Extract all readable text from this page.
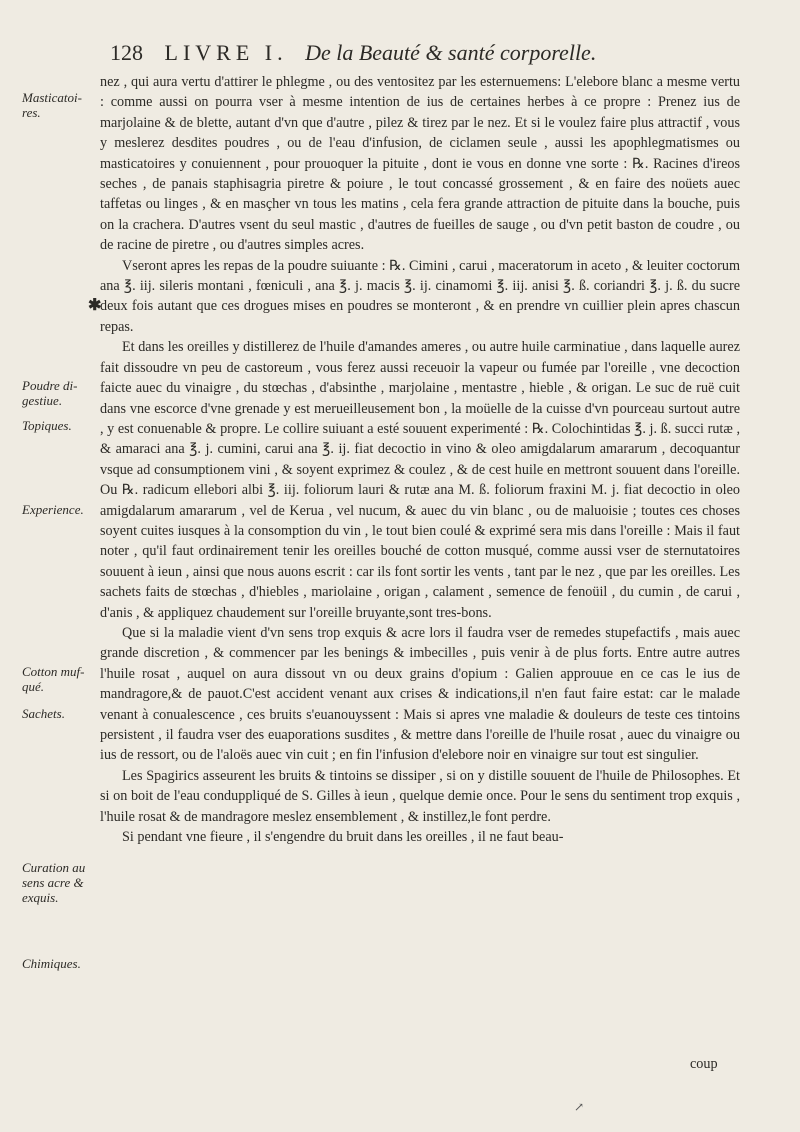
128 LIVRE I. De la Beauté & santé corporelle.
Masticatoi-res.
Poudre di-gestiue.
Topiques.
Experience.
Cotton muf-qué.
Sachets.
Curation au sens acre & exquis.
Chimiques.
✱

nez , qui aura vertu d'attirer le phlegme , ou des ventositez par les esternuemens: L'elebore blanc a mesme vertu : comme aussi on pourra vser à mesme intention de ius de certaines herbes à ce propre : Prenez ius de marjolaine & de blette, autant d'vn que d'autre , pilez & tirez par le nez. Et si le voulez faire plus attractif , vous y meslerez desdites poudres , ou de l'eau d'infusion, de ciclamen seule , aussi les apophlegmatismes ou masticatoires y conuiennent , pour prouoquer la pituite , dont ie vous en donne vne sorte : ℞. Racines d'ireos seches , de panais staphisagria piretre & poiure , le tout concassé grossement , & en faire des noüets auec taffetas ou linges , & en masçher vn tous les matins , cela fera grande attraction de pituite dans la bouche, puis on la crachera. D'autres vsent du seul mastic , d'autres de fueilles de sauge , ou d'vn petit baston de coudre , ou de racine de piretre , ou d'autres simples acres.

Vseront apres les repas de la poudre suiuante : ℞. Cimini , carui , maceratorum in aceto , & leuiter coctorum ana ℥. iij. sileris montani , fœniculi , ana ℥. j. macis ℥. ij. cinamomi ℥. iij. anisi ℥. ß. coriandri ℥. j. ß. du sucre deux fois autant que ces drogues mises en poudres se monteront , & en prendre vn cuillier plein apres chascun repas.

Et dans les oreilles y distillerez de l'huile d'amandes ameres , ou autre huile carminatiue , dans laquelle aurez fait dissoudre vn peu de castoreum , vous ferez aussi receuoir la vapeur ou fumée par l'oreille , vne decoction faicte auec du vinaigre , du stœchas , d'absinthe , marjolaine , mentastre , hieble , & origan. Le suc de ruë cuit dans vne escorce d'vne grenade y est merueilleusement bon , la moüelle de la cuisse d'vn pourceau surtout autre , y est conuenable & propre. Le collire suiuant a esté souuent experimenté : ℞. Colochintidas ℥. j. ß. succi rutæ , & amaraci ana ℥. j. cumini, carui ana ℥. ij. fiat decoctio in vino & oleo amigdalarum amararum , decoquantur vsque ad consumptionem vini , & soyent exprimez & coulez , & de cest huile en mettront souuent dans l'oreille. Ou ℞. radicum ellebori albi ℥. iij. foliorum lauri & rutæ ana M. ß. foliorum fraxini M. j. fiat decoctio in oleo amigdalarum amararum , vel de Kerua , vel nucum, & auec du vin blanc , ou de maluoisie ; toutes ces choses soyent cuites iusques à la consomption du vin , le tout bien coulé & exprimé sera mis dans l'oreille : Mais il faut noter , qu'il faut ordinairement tenir les oreilles bouché de cotton musqué, comme aussi vser de sternutatoires souuent à ieun , ainsi que nous auons escrit : car ils font sortir les vents , tant par le nez , que par les oreilles. Les sachets faits de stœchas , d'hiebles , mariolaine , origan , calament , semence de fenoüil , du cumin , de carui , d'anis , & appliquez chaudement sur l'oreille bruyante,sont tres-bons.

Que si la maladie vient d'vn sens trop exquis & acre lors il faudra vser de remedes stupefactifs , mais auec grande discretion , & commencer par les benings & imbecilles , puis venir à de plus forts. Entre autre autres l'huile rosat , auquel on aura dissout vn ou deux grains d'opium : Galien approuue en ce cas le ius de mandragore,& de pauot.C'est accident venant aux crises & indications,il n'en faut faire estat: car le malade venant à conualescence , ces bruits s'euanouyssent : Mais si apres vne maladie & douleurs de teste ces tintoins persistent , il faudra vser des euaporations susdites , & mettre dans l'oreille de l'huile rosat , auec du vinaigre ou ius de ressort, ou de l'aloës auec vin cuit ; en fin l'infusion d'elebore noir en vinaigre sur tout est singulier.

Les Spagirics asseurent les bruits & tintoins se dissiper , si on y distille souuent de l'huile de Philosophes. Et si on boit de l'eau conduppliqué de S. Gilles à ieun , quelque demie once. Pour le sens du sentiment trop exquis , l'huile rosat & de mandragore meslez ensemblement , & instillez,le font perdre.

Si pendant vne fieure , il s'engendre du bruit dans les oreilles , il ne faut beau-

coup
↗
